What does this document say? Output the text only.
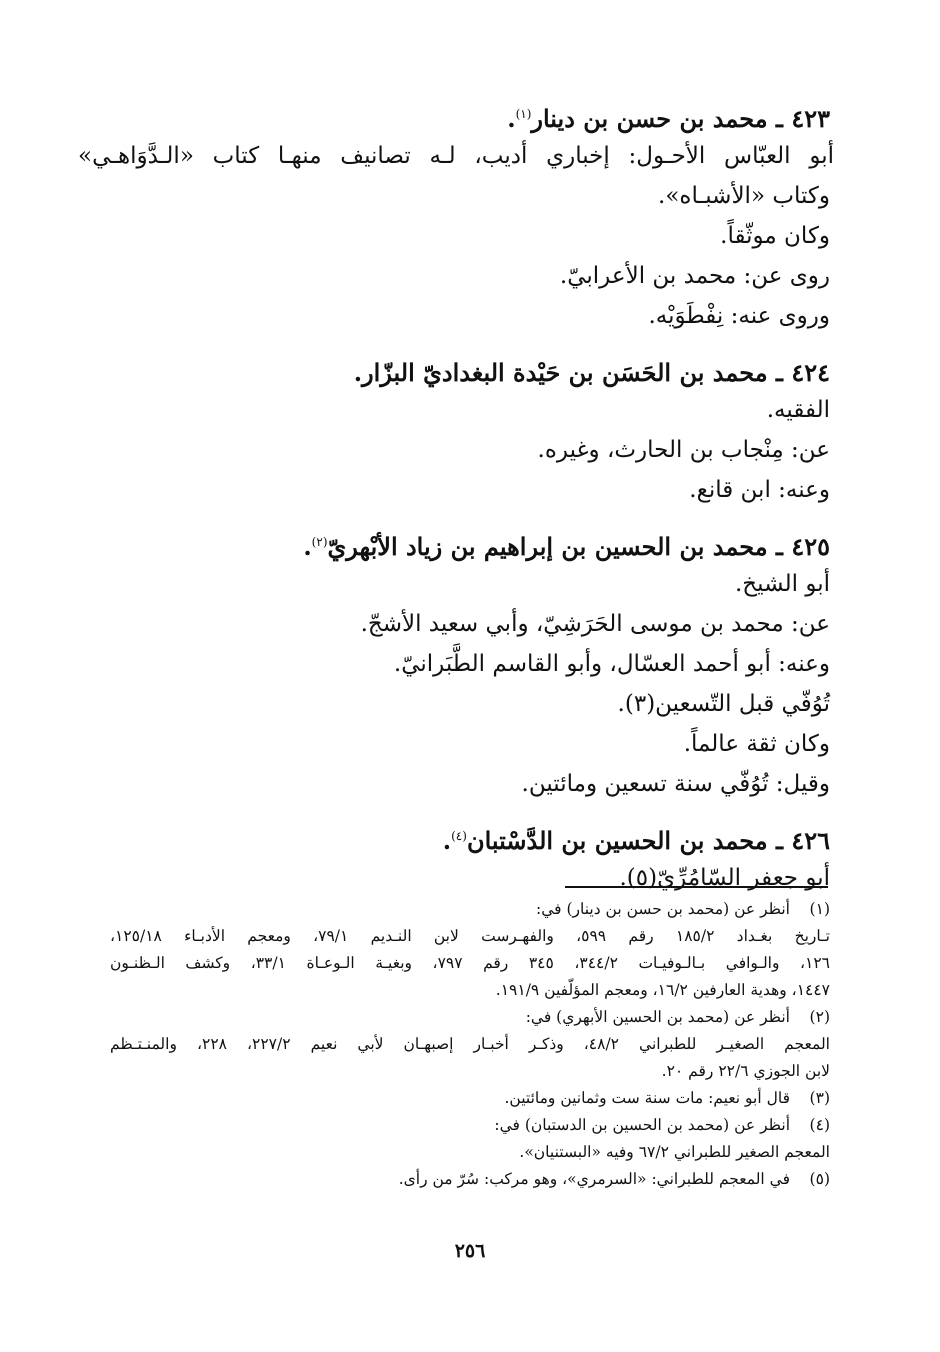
٤٢٣ ـ محمد بن حسن بن دينار$^{(١)}$.
أبو العبّاس الأحـول: إخباري أديب، لـه تصانيف منهـا كتاب «الـدَّوَاهـي»
وكتاب «الأشبـاه».
وكان موثّقاً.
روى عن: محمد بن الأعرابيّ.
وروى عنه: نِفْطَوَيْه.
٤٢٤ ـ محمد بن الحَسَن بن حَيْدة البغداديّ البزّار.
الفقيه.
عن: مِنْجاب بن الحارث، وغيره.
وعنه: ابن قانع.
٤٢٥ ـ محمد بن الحسين بن إبراهيم بن زياد الأبْهريّ$^{(٢)}$.
أبو الشيخ.
عن: محمد بن موسى الحَرَشِيّ، وأبي سعيد الأشجّ.
وعنه: أبو أحمد العسّال، وأبو القاسم الطَّبَرانيّ.
تُوُفّي قبل التّسعين(٣).
وكان ثقة عالماً.
وقيل: تُوُفّي سنة تسعين ومائتين.
٤٢٦ ـ محمد بن الحسين بن الدَّسْتبان$^{(٤)}$.
أبو جعفر السّامُرِّيّ(٥).
(١)أنظر عن (محمد بن حسن بن دينار) في:
تـاريخ بغـداد ١٨٥/٢ رقم ٥٩٩، والفهـرست لابن النـديم ٧٩/١، ومعجم الأدبـاء ١٢٥/١٨،
١٢٦، والـوافي بـالـوفيـات ٣٤٤/٢، ٣٤٥ رقم ٧٩٧، وبغيـة الـوعـاة ٣٣/١، وكشف الـظنـون
١٤٤٧، وهدية العارفين ١٦/٢، ومعجم المؤلّفين ١٩١/٩.
(٢)أنظر عن (محمد بن الحسين الأبهري) في:
المعجم الصغيـر للطبراني ٤٨/٢، وذكـر أخبـار إصبهـان لأبي نعيم ٢٢٧/٢، ٢٢٨، والمنـتـظم
لابن الجوزي ٢٢/٦ رقم ٢٠.
(٣)قال أبو نعيم: مات سنة ست وثمانين ومائتين.
(٤)أنظر عن (محمد بن الحسين بن الدستبان) في:
المعجم الصغير للطبراني ٦٧/٢ وفيه «البستنيان».
(٥)في المعجم للطبراني: «السرمري»، وهو مركب: سُرّ من رأى.
٢٥٦
